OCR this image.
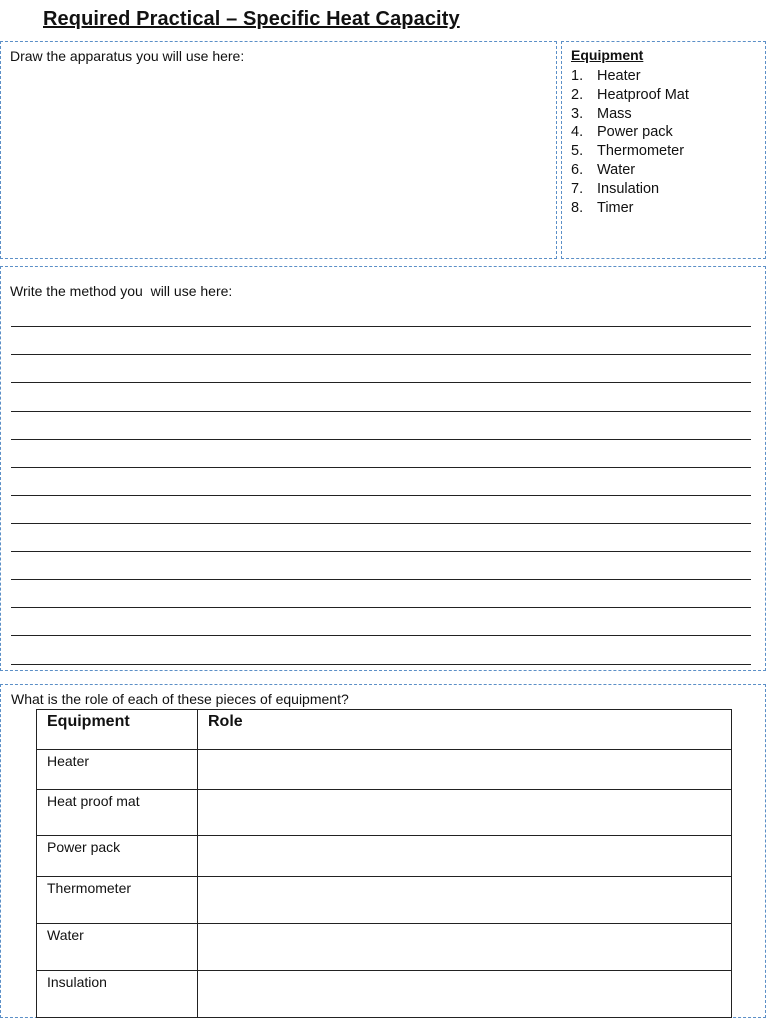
Required Practical – Specific Heat Capacity
Draw the apparatus you will use here:	Equipment
1. Heater
2. Heatproof Mat
3. Mass
4. Power pack
5. Thermometer
6. Water
7. Insulation
8. Timer
Write the method you  will use here:
What is the role of each of these pieces of equipment?
Equipment	Role
Heater	
Heat proof mat	
Power pack	
Thermometer	
Water	
Insulation	
